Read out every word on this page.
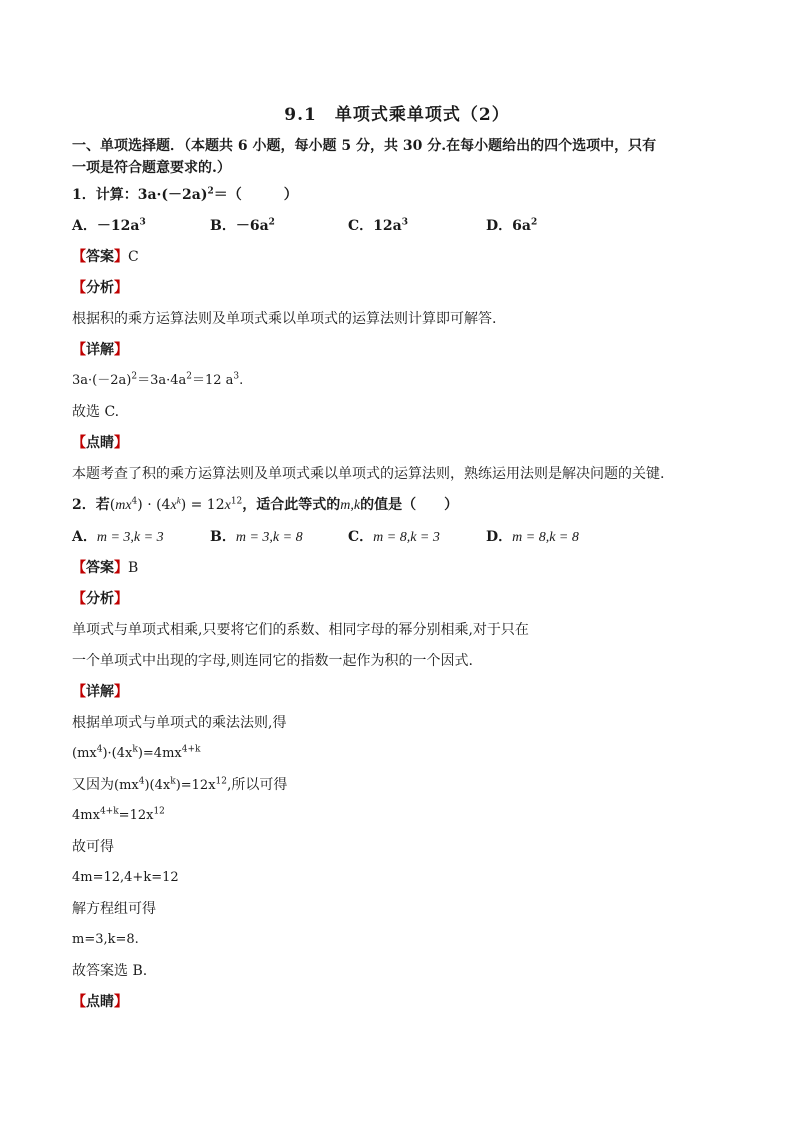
9.1　单项式乘单项式（2）
一、单项选择题．（本题共 6 小题，每小题 5 分，共 30 分.在每小题给出的四个选项中，只有
一项是符合题意要求的.）
1．计算：$3a\cdot(-2a)^2=$（　　　）
A．$-12a^3$	B．$-6a^2$	C．$12a^3$	D．$6a^2$
【答案】C
【分析】
根据积的乘方运算法则及单项式乘以单项式的运算法则计算即可解答.
【详解】
$3a\cdot(-2a)^2=3a\cdot 4a^2=12$ $a^3$.
故选 C.
【点睛】
本题考查了积的乘方运算法则及单项式乘以单项式的运算法则，熟练运用法则是解决问题的关键.
2．若$(mx^4) \cdot (4x^k) = 12x^{12}$，适合此等式的m,k的值是（　　）
A．m = 3,k = 3	B．m = 3,k = 8	C．m = 8,k = 3	D．m = 8,k = 8
【答案】B
【分析】
单项式与单项式相乘,只要将它们的系数、相同字母的幂分别相乘,对于只在
一个单项式中出现的字母,则连同它的指数一起作为积的一个因式.
【详解】
根据单项式与单项式的乘法法则,得
$(mx^4)\cdot(4x^k)=4mx^{4+k}$
又因为$(mx^4)(4x^k)=12x^{12}$,所以可得
$4mx^{4+k}=12x^{12}$
故可得
4m=12,4+k=12
解方程组可得
m=3,k=8.
故答案选 B.
【点睛】
